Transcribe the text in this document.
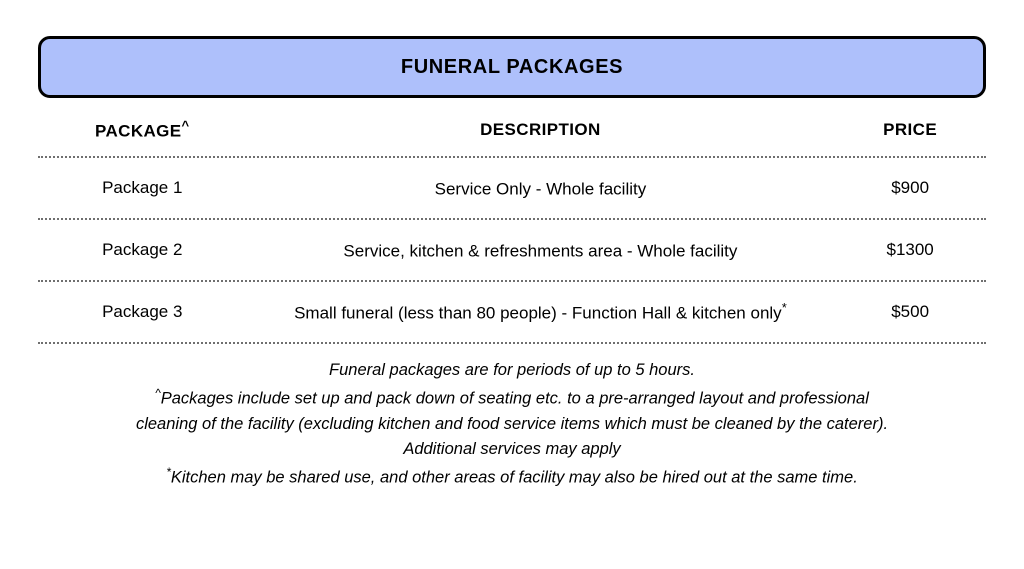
FUNERAL PACKAGES
PACKAGE^	DESCRIPTION	PRICE
Package 1	Service Only - Whole facility	$900
Package 2	Service, kitchen & refreshments area - Whole facility	$1300
Package 3	Small funeral (less than 80 people) - Function Hall & kitchen only*	$500
Funeral packages are for periods of up to 5 hours.
^Packages include set up and pack down of seating etc. to a pre-arranged layout and professional
cleaning of the facility (excluding kitchen and food service items which must be cleaned by the caterer).
Additional services may apply
*Kitchen may be shared use, and other areas of facility may also be hired out at the same time.
